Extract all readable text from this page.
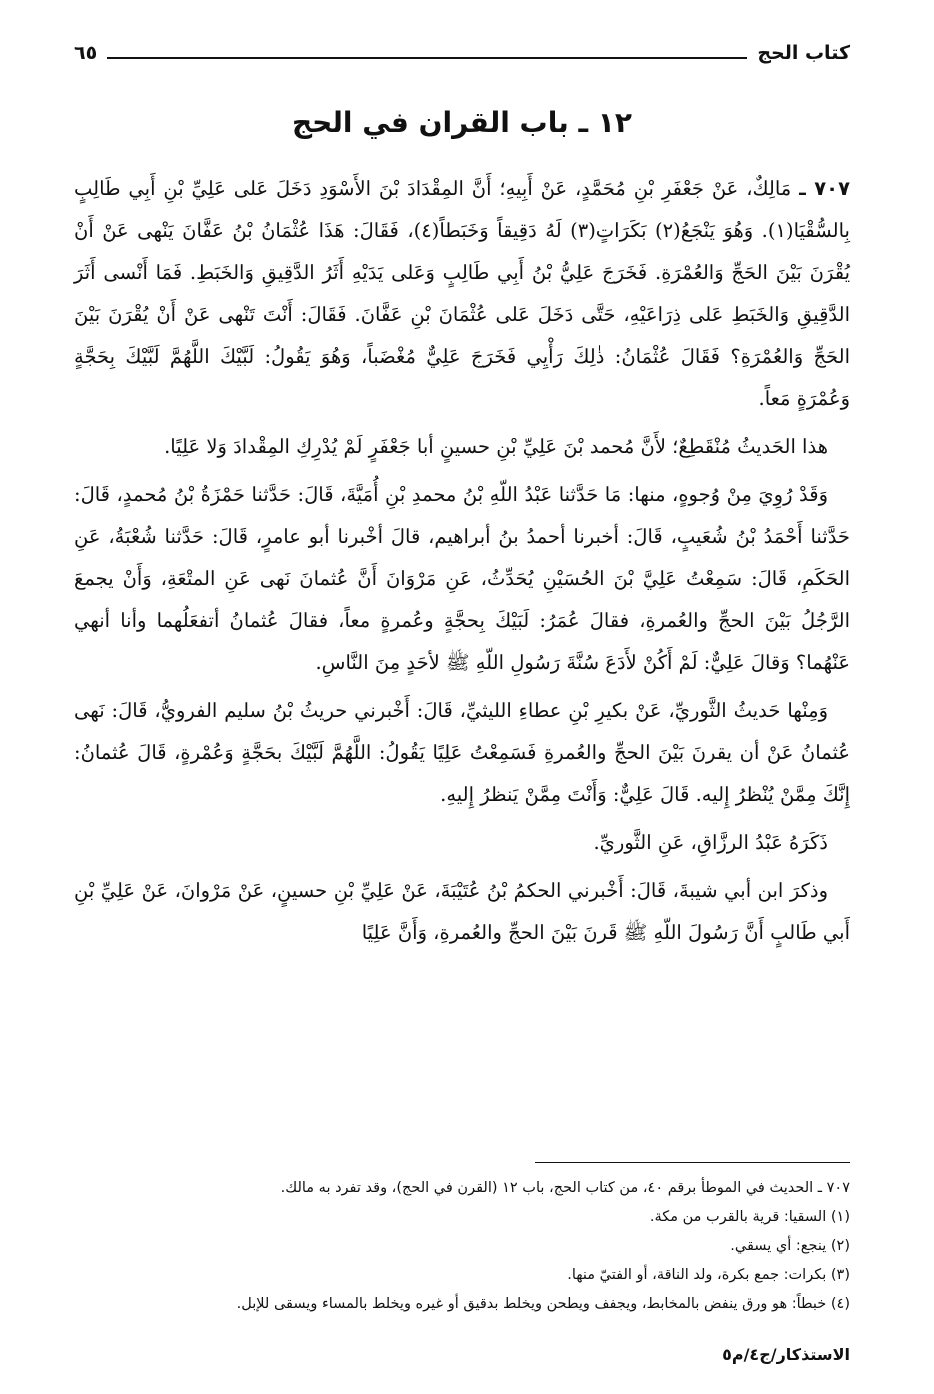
كتاب الحج
٦٥
١٢ ـ باب القران في الحج

٧٠٧ ـ مَالِكٌ، عَنْ جَعْفَرِ بْنِ مُحَمَّدٍ، عَنْ أَبِيهِ؛ أَنَّ المِقْدَادَ بْنَ الأَسْوَدِ دَخَلَ عَلى عَلِيِّ بْنِ أَبِي طَالِبٍ بِالسُّقْيَا(١). وَهُوَ يَنْجَعُ(٢) بَكَرَاتٍ(٣) لَهُ دَقِيقاً وَخَبَطاً(٤)، فَقَالَ: هَذَا عُثْمَانُ بْنُ عَفَّانَ يَنْهى عَنْ أَنْ يُقْرَنَ بَيْنَ الحَجِّ وَالعُمْرَةِ. فَخَرَجَ عَلِيُّ بْنُ أَبِي طَالِبٍ وَعَلى يَدَيْهِ أَثَرُ الدَّقِيقِ وَالخَبَطِ. فَمَا أَنْسى أَثَرَ الدَّقِيقِ وَالخَبَطِ عَلى ذِرَاعَيْهِ، حَتَّى دَخَلَ عَلى عُثْمَانَ بْنِ عَفَّانَ. فَقَالَ: أَنْتَ تَنْهى عَنْ أَنْ يُقْرَنَ بَيْنَ الحَجِّ وَالعُمْرَةِ؟ فَقَالَ عُثْمَانُ: ذٰلِكَ رَأْيِي فَخَرَجَ عَلِيٌّ مُغْضَباً، وَهُوَ يَقُولُ: لَبَّيْكَ اللَّهُمَّ لَبَّيْكَ بِحَجَّةٍ وَعُمْرَةٍ مَعاً.

هذا الحَديثُ مُنْقَطِعٌ؛ لأَنَّ مُحمد بْنَ عَلِيِّ بْنِ حسينٍ أبا جَعْفَرٍ لَمْ يُدْرِكِ المِقْدادَ وَلا عَلِيًا.

وَقَدْ رُوِيَ مِنْ وُجوهٍ، منها: مَا حَدَّثنا عَبْدُ اللّهِ بْنُ محمدِ بْنِ أُمَيَّةَ، قَالَ: حَدَّثنا حَمْزَةُ بْنُ مُحمدٍ، قَالَ: حَدَّثنا أَحْمَدُ بْنُ شُعَيبٍ، قَالَ: أخبرنا أحمدُ بنُ أبراهيم، قالَ أخْبرنا أبو عامرٍ، قَالَ: حَدَّثنا شُعْبَةُ، عَنِ الحَكَمِ، قَالَ: سَمِعْتُ عَلِيَّ بْنَ الحُسَيْنِ يُحَدِّثُ، عَنِ مَرْوَانَ أَنَّ عُثمانَ نَهى عَنِ المتْعَةِ، وَأَنْ يجمعَ الرَّجُلُ بَيْنَ الحجِّ والعُمرةِ، فقالَ عُمَرُ: لَبَيْكَ بِحجَّةٍ وعُمرةٍ معاً، فقالَ عُثمانُ أتفعَلُهما وأنا أنهي عَنْهُما؟ وَقالَ عَلِيٌّ: لَمْ أَكُنْ لأَدَعَ سُنَّةَ رَسُولِ اللّهِ ﷺ لأحَدٍ مِنَ النَّاسِ.

وَمِنْها حَديثُ الثَّوريِّ، عَنْ بكيرِ بْنِ عطاءِ الليثيِّ، قَالَ: أَخْبرني حريثُ بْنُ سليم الفرويُّ، قَالَ: نَهى عُثمانُ عَنْ أن يقرنَ بَيْنَ الحجِّ والعُمرةِ فَسَمِعْتُ عَلِيًا يَقُولُ: اللَّهُمَّ لَبَّيْكَ بحَجَّةٍ وَعُمْرةٍ، قَالَ عُثمانُ: إِنَّكَ مِمَّنْ يُنْظرُ إِليه. قَالَ عَلِيٌّ: وَأَنْتَ مِمَّنْ يَنظرُ إِليهِ.

ذَكَرَهُ عَبْدُ الرزَّاقِ، عَنِ الثَّوريِّ.

وذكرَ ابن أبي شيبةَ، قَالَ: أَخْبرني الحكمُ بْنُ عُتَيْبَةَ، عَنْ عَلِيِّ بْنِ حسينٍ، عَنْ مَرْوانَ، عَنْ عَلِيِّ بْنِ أَبي طَالبٍ أَنَّ رَسُولَ اللّهِ ﷺ قَرنَ بَيْنَ الحجِّ والعُمرةِ، وَأَنَّ عَلِيًا

٧٠٧ ـ الحديث في الموطأ برقم ٤٠، من كتاب الحج، باب ١٢ (القرن في الحج)، وقد تفرد به مالك.
(١) السقيا: قرية بالقرب من مكة.
(٢) ينجع: أي يسقي.
(٣) بكرات: جمع بكرة، ولد الناقة، أو الفتيّ منها.
(٤) خبطاً: هو ورق ينفض بالمخابط، ويجفف ويطحن ويخلط بدقيق أو غيره ويخلط بالمساء ويسقى للإبل.
الاستذكار/ج٤/م٥
